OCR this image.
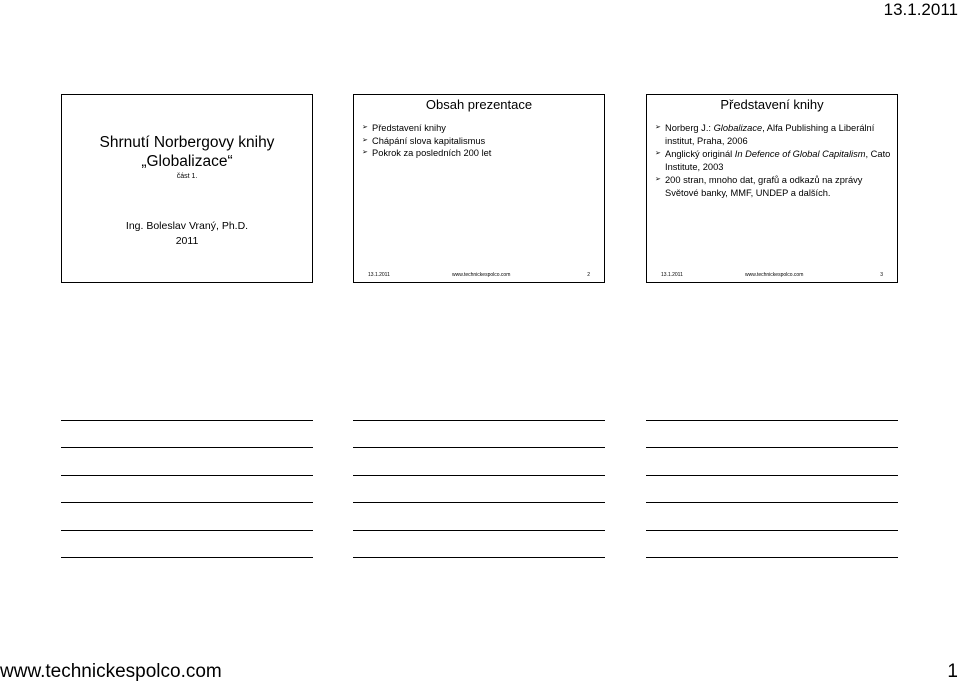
13.1.2011
Shrnutí Norbergovy knihy „Globalizace“
část 1.
Ing. Boleslav Vraný, Ph.D.
2011
Obsah prezentace
➢ Představení knihy
➢ Chápání slova kapitalismus
➢ Pokrok za posledních 200 let
13.1.2011	www.technickespolco.com	2
Představení knihy
➢ Norberg J.: Globalizace, Alfa Publishing a Liberální institut, Praha, 2006
➢ Anglický originál In Defence of Global Capitalism, Cato Institute, 2003
➢ 200 stran, mnoho dat, grafů a odkazů na zprávy Světové banky, MMF, UNDEP a dalších.
13.1.2011	www.technickespolco.com	3
www.technickespolco.com	1
